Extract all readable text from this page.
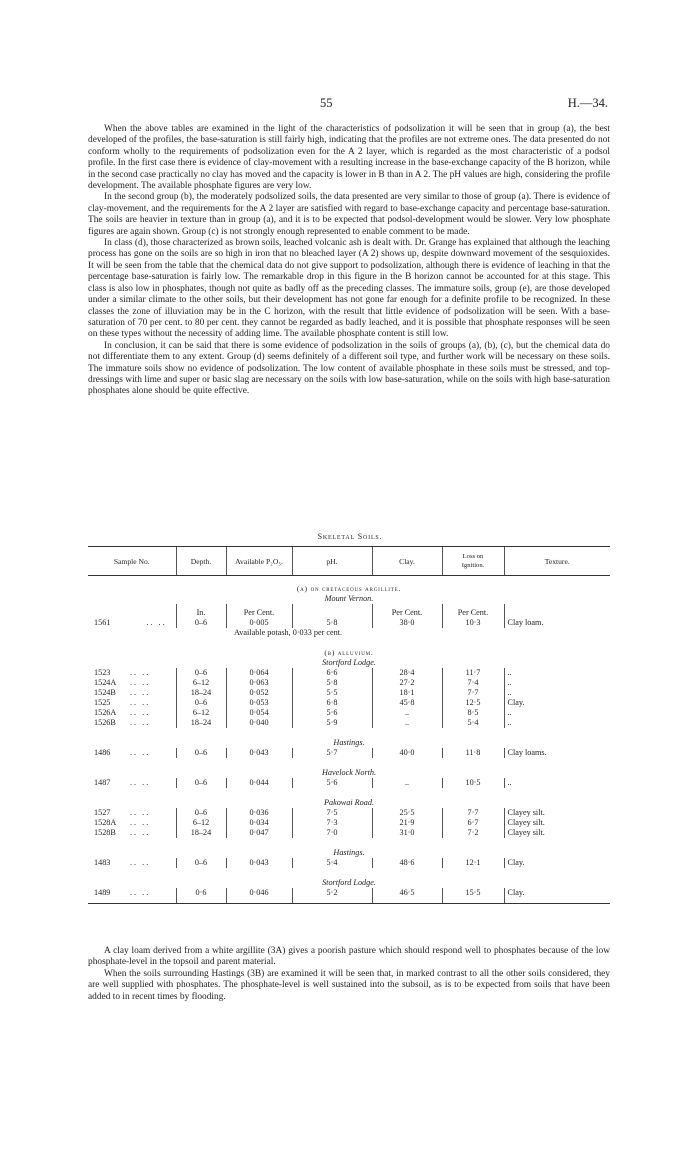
55	H.—34.

When the above tables are examined in the light of the characteristics of podsolization it will be seen that in group (a), the best developed of the profiles, the base-saturation is still fairly high, indicating that the profiles are not extreme ones. The data presented do not conform wholly to the requirements of podsolization even for the A 2 layer, which is regarded as the most characteristic of a podsol profile. In the first case there is evidence of clay-movement with a resulting increase in the base-exchange capacity of the B horizon, while in the second case practically no clay has moved and the capacity is lower in B than in A 2. The pH values are high, considering the profile development. The available phosphate figures are very low.

In the second group (b), the moderately podsolized soils, the data presented are very similar to those of group (a). There is evidence of clay-movement, and the requirements for the A 2 layer are satisfied with regard to base-exchange capacity and percentage base-saturation. The soils are heavier in texture than in group (a), and it is to be expected that podsol-development would be slower. Very low phosphate figures are again shown. Group (c) is not strongly enough represented to enable comment to be made.

In class (d), those characterized as brown soils, leached volcanic ash is dealt with. Dr. Grange has explained that although the leaching process has gone on the soils are so high in iron that no bleached layer (A 2) shows up, despite downward movement of the sesquioxides. It will be seen from the table that the chemical data do not give support to podsolization, although there is evidence of leaching in that the percentage base-saturation is fairly low. The remarkable drop in this figure in the B horizon cannot be accounted for at this stage. This class is also low in phosphates, though not quite as badly off as the preceding classes. The immature soils, group (e), are those developed under a similar climate to the other soils, but their development has not gone far enough for a definite profile to be recognized. In these classes the zone of illuviation may be in the C horizon, with the result that little evidence of podsolization will be seen. With a base-saturation of 70 per cent. to 80 per cent. they cannot be regarded as badly leached, and it is possible that phosphate responses will be seen on these types without the necessity of adding lime. The available phosphate content is still low.

In conclusion, it can be said that there is some evidence of podsolization in the soils of groups (a), (b), (c), but the chemical data do not differentiate them to any extent. Group (d) seems definitely of a different soil type, and further work will be necessary on these soils. The immature soils show no evidence of podsolization. The low content of available phosphate in these soils must be stressed, and top-dressings with lime and super or basic slag are necessary on the soils with low base-saturation, while on the soils with high base-saturation phosphates alone should be quite effective.

Skeletal Soils.
Sample No.	Depth.	Available P₂O₅.	pH.	Clay.	Loss on
Ignition.	Texture.
(a) on cretaceous argillite.						
Mount Vernon.						
	In.	Per Cent.		Per Cent.	Per Cent.	
1561 .. ..	0–6	0·005	5·8	38·0	10·3	Clay loam.
Available potash, 0·033 per cent.						
(b) alluvium.						
Stortford Lodge.						
1523 .. ..	0–6	0·064	6·6	28·4	11·7	..
1524A .. ..	6–12	0·063	5·8	27·2	7·4	..
1524B .. ..	18–24	0·052	5·5	18·1	7·7	..
1525 .. ..	0–6	0·053	6·8	45·8	12·5	Clay.
1526A .. ..	6–12	0·054	5·6	..	8·5	..
1526B .. ..	18–24	0·040	5·9	..	5·4	..
Hastings.						
1486 .. ..	0–6	0·043	5·7	40·0	11·8	Clay loams.
Havelock North.						
1487 .. ..	0–6	0·044	5·6	..	10·5	..
Pakowai Road.						
1527 .. ..	0–6	0·036	7·5	25·5	7·7	Clayey silt.
1528A .. ..	6–12	0·034	7·3	21·9	6·7	Clayey silt.
1528B .. ..	18–24	0·047	7·0	31·0	7·2	Clayey silt.
Hastings.						
1483 .. ..	0–6	0·043	5·4	48·6	12·1	Clay.
Stortford Lodge.						
1489 .. ..	0·6	0·046	5·2	46·5	15·5	Clay.

A clay loam derived from a white argillite (3A) gives a poorish pasture which should respond well to phosphates because of the low phosphate-level in the topsoil and parent material.

When the soils surrounding Hastings (3B) are examined it will be seen that, in marked contrast to all the other soils considered, they are well supplied with phosphates. The phosphate-level is well sustained into the subsoil, as is to be expected from soils that have been added to in recent times by flooding.
